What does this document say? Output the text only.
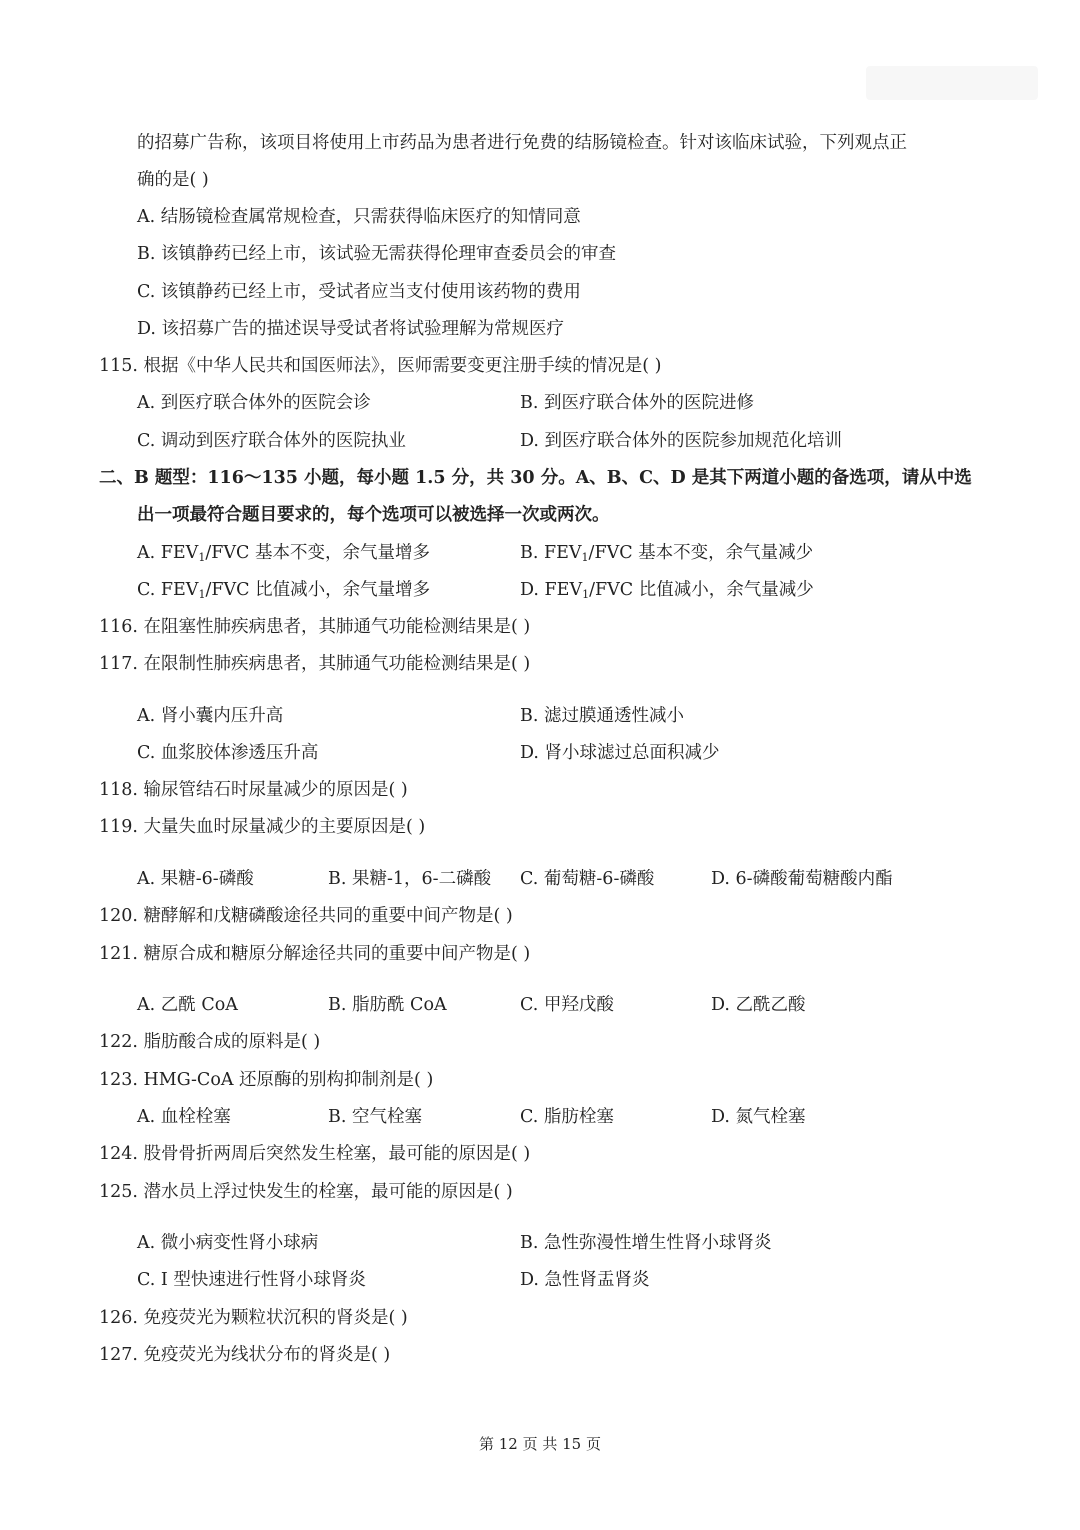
的招募广告称，该项目将使用上市药品为患者进行免费的结肠镜检查。针对该临床试验，下列观点正
确的是( )
A. 结肠镜检查属常规检查，只需获得临床医疗的知情同意
B. 该镇静药已经上市，该试验无需获得伦理审查委员会的审查
C. 该镇静药已经上市，受试者应当支付使用该药物的费用
D. 该招募广告的描述误导受试者将试验理解为常规医疗
115. 根据《中华人民共和国医师法》，医师需要变更注册手续的情况是( )
A. 到医疗联合体外的医院会诊	B. 到医疗联合体外的医院进修
C. 调动到医疗联合体外的医院执业	D. 到医疗联合体外的医院参加规范化培训
二、B 题型：116～135 小题，每小题 1.5 分，共 30 分。A、B、C、D 是其下两道小题的备选项，请从中选
出一项最符合题目要求的，每个选项可以被选择一次或两次。
A. $FEV_1$/FVC 基本不变，余气量增多	B. $FEV_1$/FVC 基本不变，余气量减少
C. $FEV_1$/FVC 比值减小，余气量增多	D. $FEV_1$/FVC 比值减小，余气量减少
116. 在阻塞性肺疾病患者，其肺通气功能检测结果是( )
117. 在限制性肺疾病患者，其肺通气功能检测结果是( )
A. 肾小囊内压升高	B. 滤过膜通透性减小
C. 血浆胶体渗透压升高	D. 肾小球滤过总面积减少
118. 输尿管结石时尿量减少的原因是( )
119. 大量失血时尿量减少的主要原因是( )
A. 果糖-6-磷酸	B. 果糖-1，6-二磷酸 C. 葡萄糖-6-磷酸	D. 6-磷酸葡萄糖酸内酯
120. 糖酵解和戊糖磷酸途径共同的重要中间产物是( )
121. 糖原合成和糖原分解途径共同的重要中间产物是( )
A. 乙酰 CoA	B. 脂肪酰 CoA	C. 甲羟戊酸	D. 乙酰乙酸
122. 脂肪酸合成的原料是( )
123. HMG-CoA 还原酶的别构抑制剂是( )
A. 血栓栓塞	B. 空气栓塞	C. 脂肪栓塞	D. 氮气栓塞
124. 股骨骨折两周后突然发生栓塞，最可能的原因是( )
125. 潜水员上浮过快发生的栓塞，最可能的原因是( )
A. 微小病变性肾小球病	B. 急性弥漫性增生性肾小球肾炎
C. I 型快速进行性肾小球肾炎	D. 急性肾盂肾炎
126. 免疫荧光为颗粒状沉积的肾炎是( )
127. 免疫荧光为线状分布的肾炎是( )
第 12 页 共 15 页
